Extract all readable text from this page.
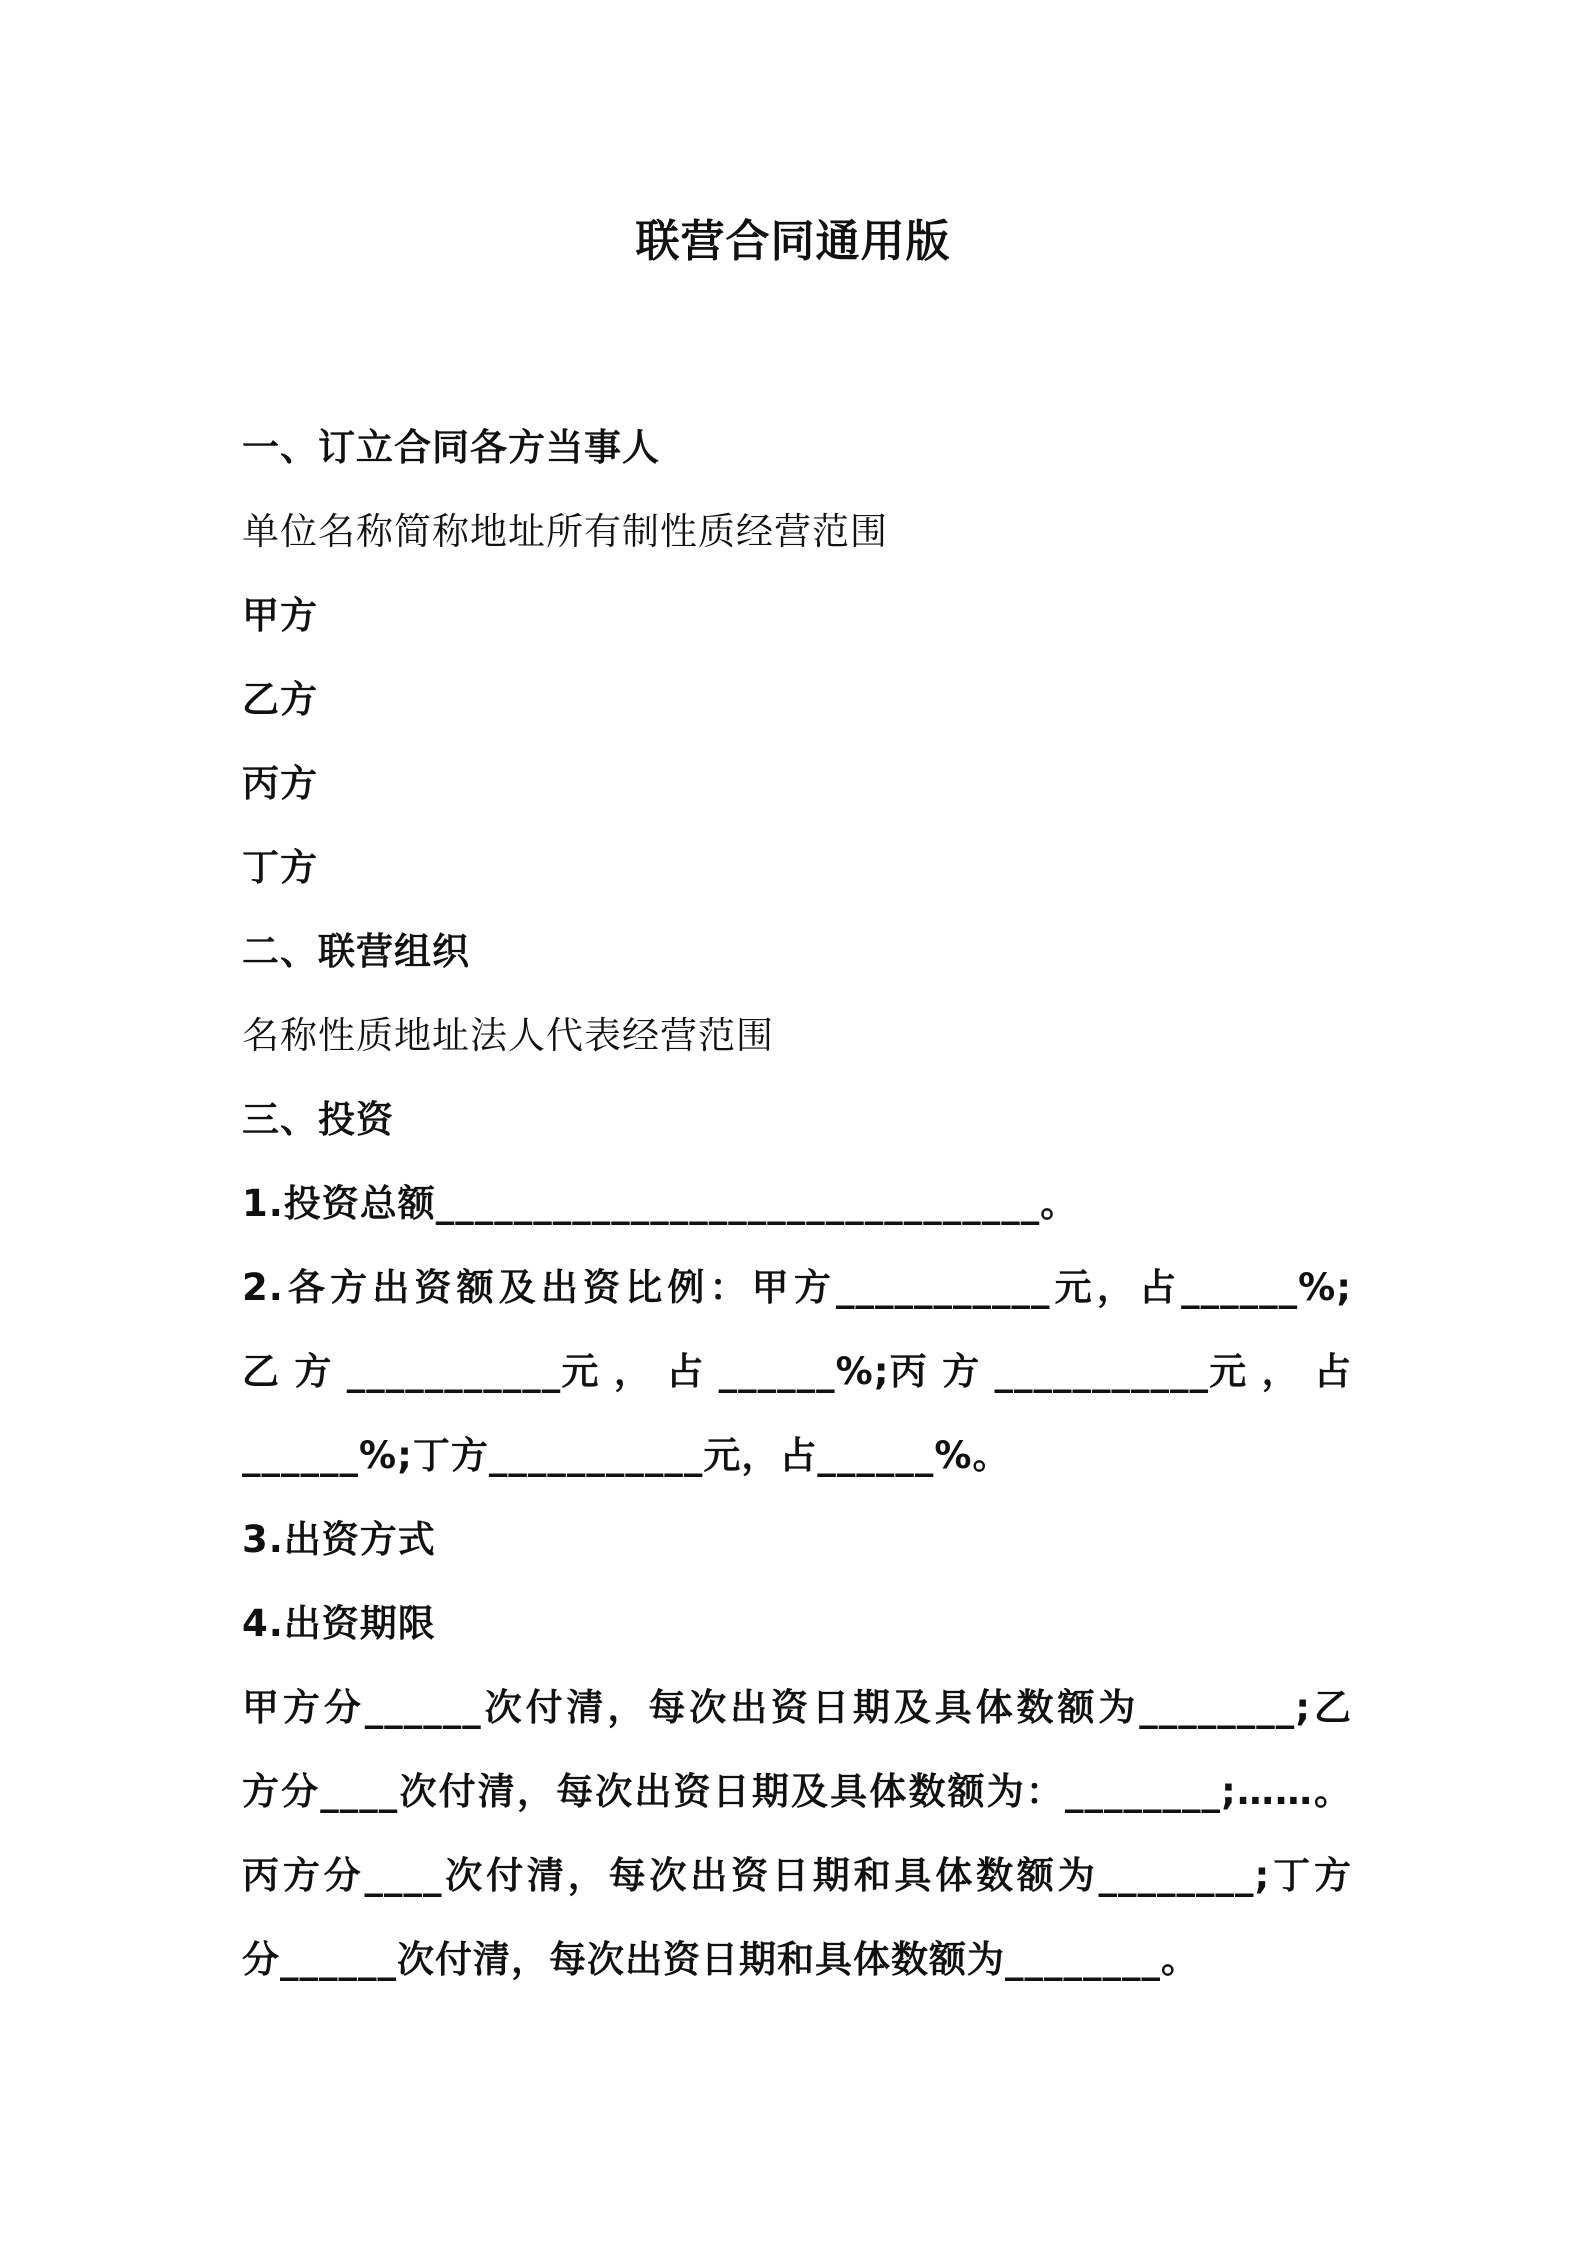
联营合同通用版
一、订立合同各方当事人
单位名称简称地址所有制性质经营范围
甲方
乙方
丙方
丁方
二、联营组织
名称性质地址法人代表经营范围
三、投资
1.投资总额_______________________________。
2.各方出资额及出资比例：甲方___________元，占______%;
乙 方 ___________元 ， 占 ______%;丙 方 ___________元 ， 占
______%;丁方___________元，占______%。
3.出资方式
4.出资期限
甲方分______次付清，每次出资日期及具体数额为________;乙
方分____次付清，每次出资日期及具体数额为：________;……。
丙方分____次付清，每次出资日期和具体数额为________;丁方
分______次付清，每次出资日期和具体数额为________。
